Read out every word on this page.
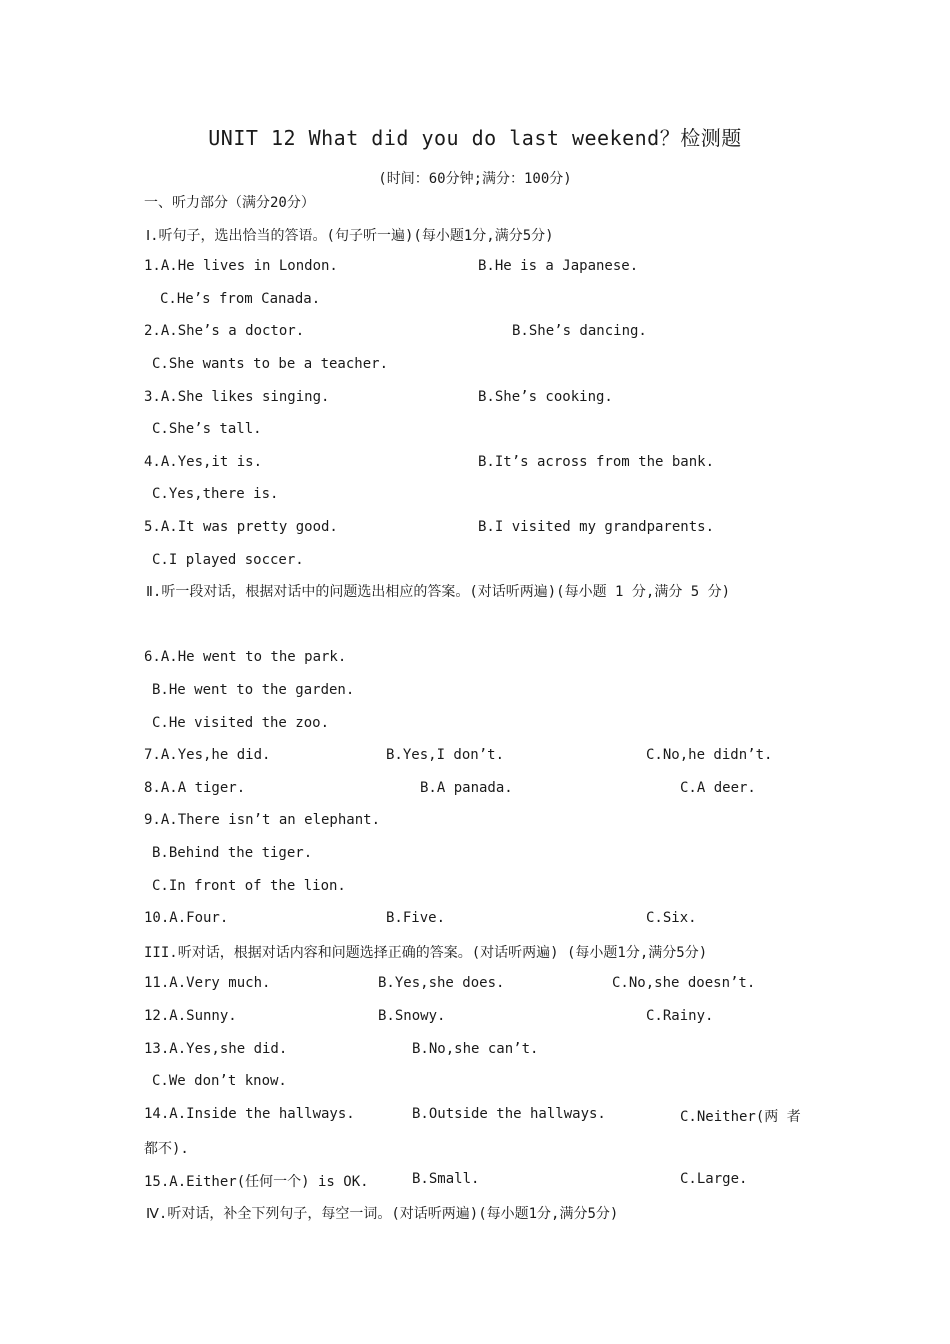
UNIT 12 What did you do last weekend？检测题
(时间：60分钟;满分：100分)
一、听力部分（满分20分）
Ⅰ.听句子，选出恰当的答语。(句子听一遍)(每小题1分,满分5分)
1.A.He lives in London.	B.He is a Japanese.
C.He’s from Canada.
2.A.She’s a doctor.	B.She’s dancing.
C.She wants to be a teacher.
3.A.She likes singing.	B.She’s cooking.
C.She’s tall.
4.A.Yes,it is.	B.It’s across from the bank.
C.Yes,there is.
5.A.It was pretty good.	B.I visited my grandparents.
C.I played soccer.
Ⅱ.听一段对话，根据对话中的问题选出相应的答案。(对话听两遍)(每小题 1 分,满分 5 分)
6.A.He went to the park.
B.He went to the garden.
C.He visited the zoo.
7.A.Yes,he did.	B.Yes,I don’t.	C.No,he didn’t.
8.A.A tiger.	B.A panada.	C.A deer.
9.A.There isn’t an elephant.
B.Behind the tiger.
C.In front of the lion.
10.A.Four.	B.Five.	C.Six.
III.听对话，根据对话内容和问题选择正确的答案。(对话听两遍) (每小题1分,满分5分)
11.A.Very much.	B.Yes,she does.	C.No,she doesn’t.
12.A.Sunny.	B.Snowy.	C.Rainy.
13.A.Yes,she did.	B.No,she can’t.
C.We don’t know.
14.A.Inside the hallways.	B.Outside the hallways.	C.Neither(两 者
都不).
15.A.Either(任何一个) is OK.	B.Small.	C.Large.
Ⅳ.听对话，补全下列句子，每空一词。(对话听两遍)(每小题1分,满分5分)
